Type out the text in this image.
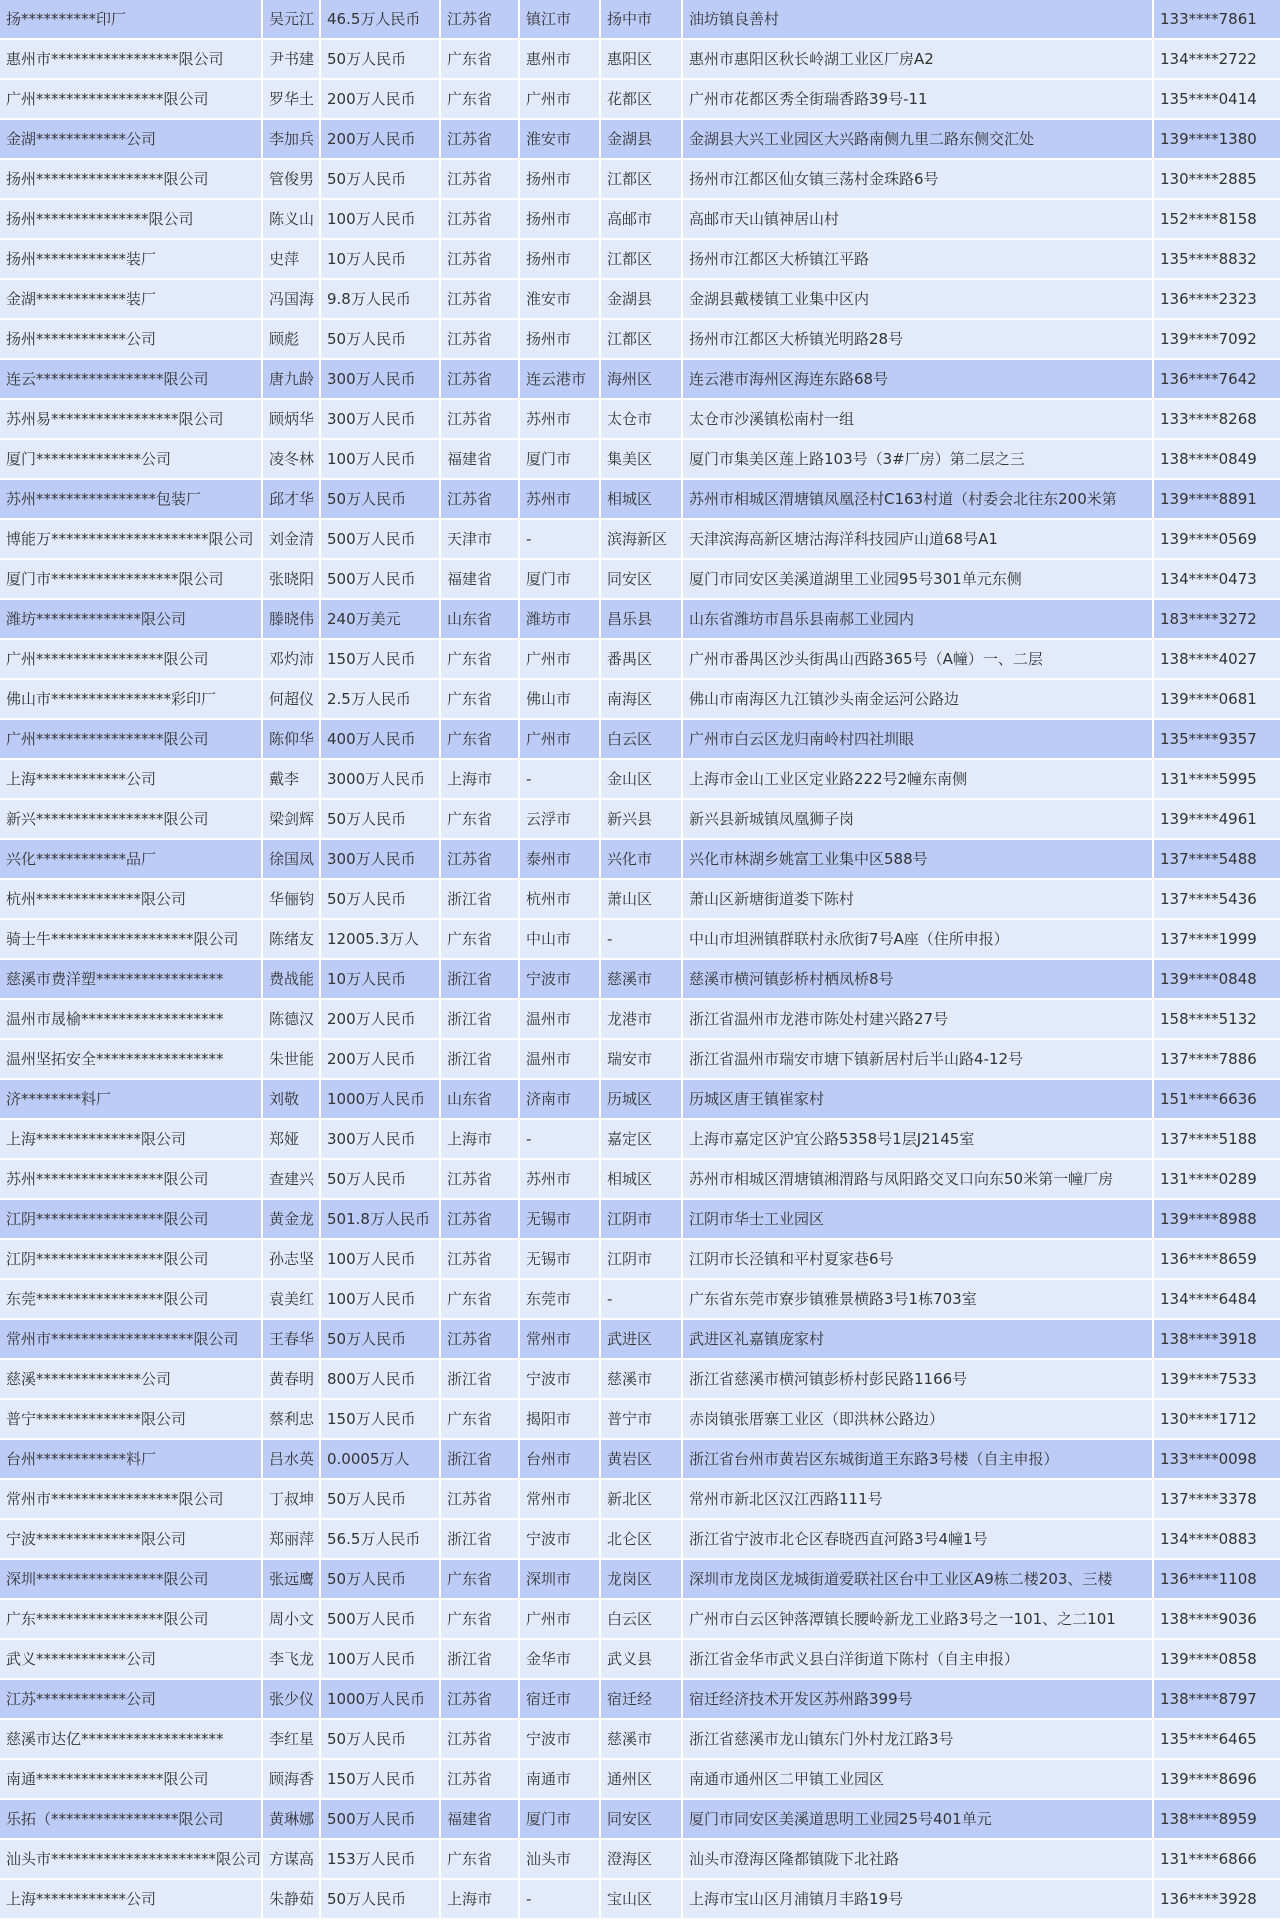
扬**********印厂	吴元江	46.5万人民币	江苏省	镇江市	扬中市	油坊镇良善村	133****7861
惠州市*****************限公司	尹书建	50万人民币	广东省	惠州市	惠阳区	惠州市惠阳区秋长岭湖工业区厂房A2	134****2722
广州*****************限公司	罗华土	200万人民币	广东省	广州市	花都区	广州市花都区秀全街瑞香路39号-11	135****0414
金湖************公司	李加兵	200万人民币	江苏省	淮安市	金湖县	金湖县大兴工业园区大兴路南侧九里二路东侧交汇处	139****1380
扬州*****************限公司	管俊男	50万人民币	江苏省	扬州市	江都区	扬州市江都区仙女镇三荡村金珠路6号	130****2885
扬州***************限公司	陈义山	100万人民币	江苏省	扬州市	高邮市	高邮市天山镇神居山村	152****8158
扬州************装厂	史萍	10万人民币	江苏省	扬州市	江都区	扬州市江都区大桥镇江平路	135****8832
金湖************装厂	冯国海	9.8万人民币	江苏省	淮安市	金湖县	金湖县戴楼镇工业集中区内	136****2323
扬州************公司	顾彪	50万人民币	江苏省	扬州市	江都区	扬州市江都区大桥镇光明路28号	139****7092
连云*****************限公司	唐九龄	300万人民币	江苏省	连云港市	海州区	连云港市海州区海连东路68号	136****7642
苏州易*****************限公司	顾炳华	300万人民币	江苏省	苏州市	太仓市	太仓市沙溪镇松南村一组	133****8268
厦门**************公司	凌冬林	100万人民币	福建省	厦门市	集美区	厦门市集美区莲上路103号（3#厂房）第二层之三	138****0849
苏州****************包装厂	邱才华	50万人民币	江苏省	苏州市	相城区	苏州市相城区渭塘镇凤凰泾村C163村道（村委会北往东200米第	139****8891
博能万*********************限公司	刘金清	500万人民币	天津市	-	滨海新区	天津滨海高新区塘沽海洋科技园庐山道68号A1	139****0569
厦门市*****************限公司	张晓阳	500万人民币	福建省	厦门市	同安区	厦门市同安区美溪道湖里工业园95号301单元东侧	134****0473
潍坊**************限公司	滕晓伟	240万美元	山东省	潍坊市	昌乐县	山东省潍坊市昌乐县南郝工业园内	183****3272
广州*****************限公司	邓灼沛	150万人民币	广东省	广州市	番禺区	广州市番禺区沙头街禺山西路365号（A幢）一、二层	138****4027
佛山市****************彩印厂	何超仪	2.5万人民币	广东省	佛山市	南海区	佛山市南海区九江镇沙头南金运河公路边	139****0681
广州*****************限公司	陈仰华	400万人民币	广东省	广州市	白云区	广州市白云区龙归南岭村四社圳眼	135****9357
上海************公司	戴李	3000万人民币	上海市	-	金山区	上海市金山工业区定业路222号2幢东南侧	131****5995
新兴*****************限公司	梁剑辉	50万人民币	广东省	云浮市	新兴县	新兴县新城镇凤凰狮子岗	139****4961
兴化************品厂	徐国凤	300万人民币	江苏省	泰州市	兴化市	兴化市林湖乡姚富工业集中区588号	137****5488
杭州**************限公司	华俪钧	50万人民币	浙江省	杭州市	萧山区	萧山区新塘街道娄下陈村	137****5436
骑士牛*******************限公司	陈绪友	12005.3万人	广东省	中山市	-	中山市坦洲镇群联村永欣街7号A座（住所申报）	137****1999
慈溪市费洋塑*****************	费战能	10万人民币	浙江省	宁波市	慈溪市	慈溪市横河镇彭桥村栖凤桥8号	139****0848
温州市晟榆*******************	陈德汉	200万人民币	浙江省	温州市	龙港市	浙江省温州市龙港市陈处村建兴路27号	158****5132
温州坚拓安全*****************	朱世能	200万人民币	浙江省	温州市	瑞安市	浙江省温州市瑞安市塘下镇新居村后半山路4-12号	137****7886
济********料厂	刘敬	1000万人民币	山东省	济南市	历城区	历城区唐王镇崔家村	151****6636
上海**************限公司	郑娅	300万人民币	上海市	-	嘉定区	上海市嘉定区沪宜公路5358号1层J2145室	137****5188
苏州*****************限公司	查建兴	50万人民币	江苏省	苏州市	相城区	苏州市相城区渭塘镇湘渭路与凤阳路交叉口向东50米第一幢厂房	131****0289
江阴*****************限公司	黄金龙	501.8万人民币	江苏省	无锡市	江阴市	江阴市华士工业园区	139****8988
江阴*****************限公司	孙志坚	100万人民币	江苏省	无锡市	江阴市	江阴市长泾镇和平村夏家巷6号	136****8659
东莞*****************限公司	袁美红	100万人民币	广东省	东莞市	-	广东省东莞市寮步镇雅景横路3号1栋703室	134****6484
常州市*******************限公司	王春华	50万人民币	江苏省	常州市	武进区	武进区礼嘉镇庞家村	138****3918
慈溪**************公司	黄春明	800万人民币	浙江省	宁波市	慈溪市	浙江省慈溪市横河镇彭桥村彭民路1166号	139****7533
普宁**************限公司	蔡利忠	150万人民币	广东省	揭阳市	普宁市	赤岗镇张厝寨工业区（即洪林公路边）	130****1712
台州************料厂	吕水英	0.0005万人	浙江省	台州市	黄岩区	浙江省台州市黄岩区东城街道王东路3号楼（自主申报）	133****0098
常州市*****************限公司	丁叔坤	50万人民币	江苏省	常州市	新北区	常州市新北区汉江西路111号	137****3378
宁波**************限公司	郑丽萍	56.5万人民币	浙江省	宁波市	北仑区	浙江省宁波市北仑区春晓西直河路3号4幢1号	134****0883
深圳*****************限公司	张远鹰	50万人民币	广东省	深圳市	龙岗区	深圳市龙岗区龙城街道爱联社区台中工业区A9栋二楼203、三楼	136****1108
广东*****************限公司	周小文	500万人民币	广东省	广州市	白云区	广州市白云区钟落潭镇长腰岭新龙工业路3号之一101、之二101	138****9036
武义************公司	李飞龙	100万人民币	浙江省	金华市	武义县	浙江省金华市武义县白洋街道下陈村（自主申报）	139****0858
江苏************公司	张少仪	1000万人民币	江苏省	宿迁市	宿迁经	宿迁经济技术开发区苏州路399号	138****8797
慈溪市达亿*******************	李红星	50万人民币	江苏省	宁波市	慈溪市	浙江省慈溪市龙山镇东门外村龙江路3号	135****6465
南通*****************限公司	顾海香	150万人民币	江苏省	南通市	通州区	南通市通州区二甲镇工业园区	139****8696
乐拓（*****************限公司	黄琳娜	500万人民币	福建省	厦门市	同安区	厦门市同安区美溪道思明工业园25号401单元	138****8959
汕头市**********************限公司	方谋高	153万人民币	广东省	汕头市	澄海区	汕头市澄海区隆都镇陇下北社路	131****6866
上海************公司	朱静茹	50万人民币	上海市	-	宝山区	上海市宝山区月浦镇月丰路19号	136****3928
